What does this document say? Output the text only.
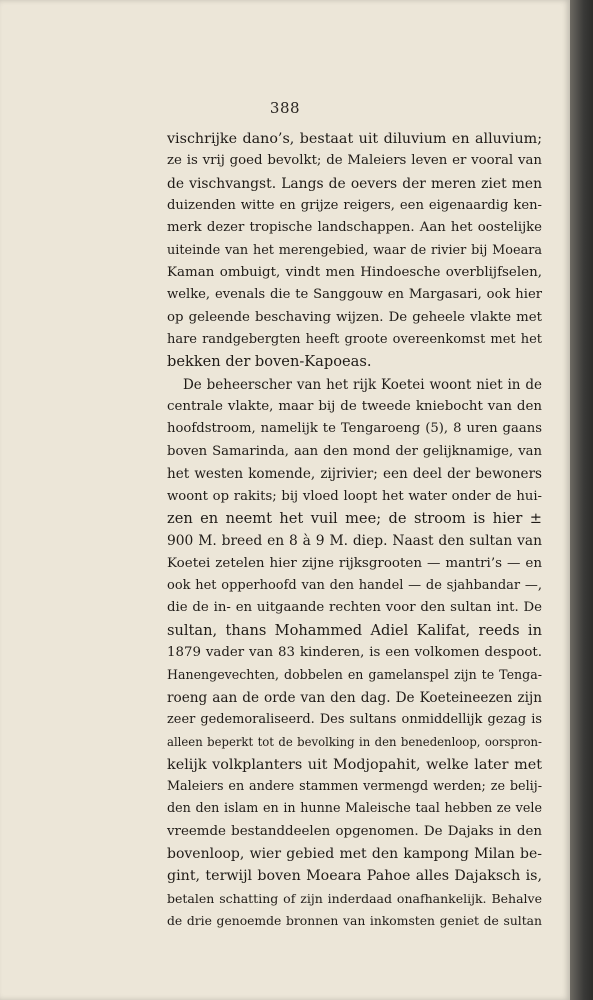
388
vischrijke dano’s, bestaat uit diluvium en alluvium;
ze is vrij goed bevolkt; de Maleiers leven er vooral van
de vischvangst. Langs de oevers der meren ziet men
duizenden witte en grijze reigers, een eigenaardig ken-
merk dezer tropische landschappen. Aan het oostelijke
uiteinde van het merengebied, waar de rivier bij Moeara
Kaman ombuigt, vindt men Hindoesche overblijfselen,
welke, evenals die te Sanggouw en Margasari, ook hier
op geleende beschaving wijzen. De geheele vlakte met
hare randgebergten heeft groote overeenkomst met het
bekken der boven-Kapoeas.
De beheerscher van het rijk Koetei woont niet in de
centrale vlakte, maar bij de tweede kniebocht van den
hoofdstroom, namelijk te Tengaroeng (5), 8 uren gaans
boven Samarinda, aan den mond der gelijknamige, van
het westen komende, zijrivier; een deel der bewoners
woont op rakits; bij vloed loopt het water onder de hui-
zen en neemt het vuil mee; de stroom is hier ±
900 M. breed en 8 à 9 M. diep. Naast den sultan van
Koetei zetelen hier zijne rijksgrooten — mantri’s — en
ook het opperhoofd van den handel — de sjahbandar —,
die de in- en uitgaande rechten voor den sultan int. De
sultan, thans Mohammed Adiel Kalifat, reeds in
1879 vader van 83 kinderen, is een volkomen despoot.
Hanengevechten, dobbelen en gamelanspel zijn te Tenga-
roeng aan de orde van den dag. De Koeteineezen zijn
zeer gedemoraliseerd. Des sultans onmiddellijk gezag is
alleen beperkt tot de bevolking in den benedenloop, oorspron-
kelijk volkplanters uit Modjopahit, welke later met
Maleiers en andere stammen vermengd werden; ze belij-
den den islam en in hunne Maleische taal hebben ze vele
vreemde bestanddeelen opgenomen. De Dajaks in den
bovenloop, wier gebied met den kampong Milan be-
gint, terwijl boven Moeara Pahoe alles Dajaksch is,
betalen schatting of zijn inderdaad onafhankelijk. Behalve
de drie genoemde bronnen van inkomsten geniet de sultan
